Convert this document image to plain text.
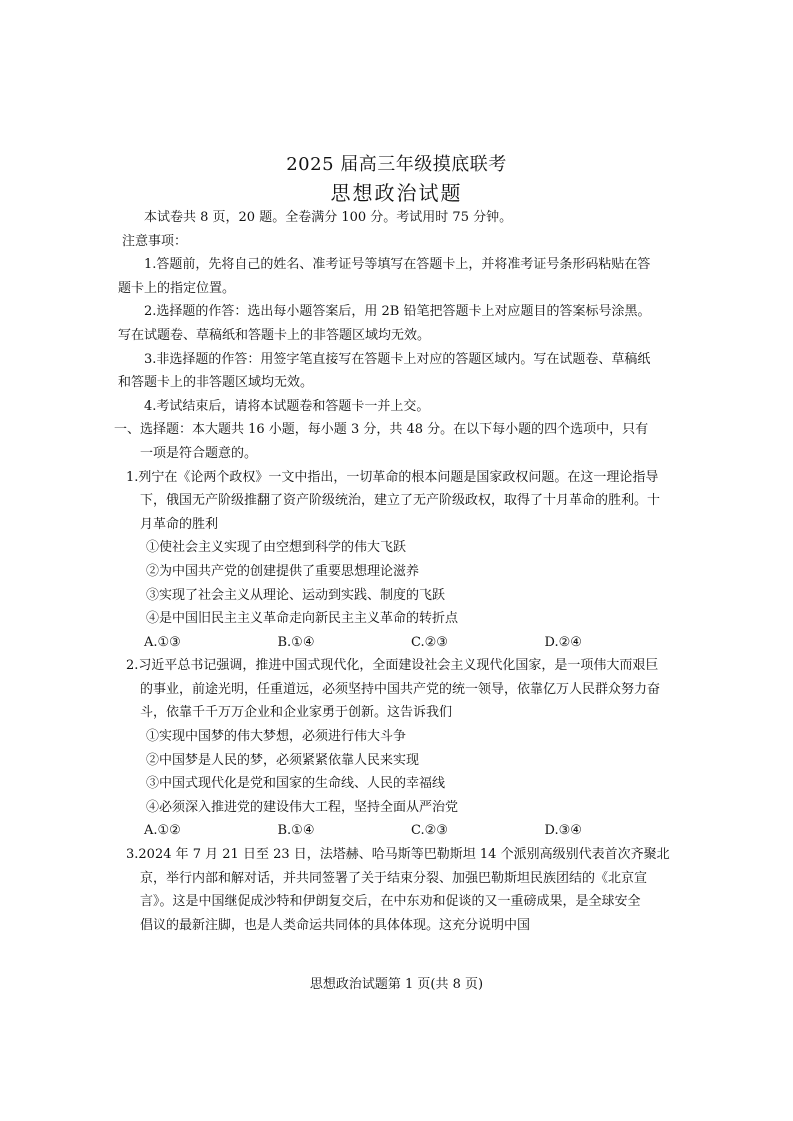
2025 届高三年级摸底联考
思想政治试题
本试卷共 8 页，20 题。全卷满分 100 分。考试用时 75 分钟。
注意事项：
1.答题前，先将自己的姓名、准考证号等填写在答题卡上，并将准考证号条形码粘贴在答
题卡上的指定位置。
2.选择题的作答：选出每小题答案后，用 2B 铅笔把答题卡上对应题目的答案标号涂黑。
写在试题卷、草稿纸和答题卡上的非答题区域均无效。
3.非选择题的作答：用签字笔直接写在答题卡上对应的答题区域内。写在试题卷、草稿纸
和答题卡上的非答题区域均无效。
4.考试结束后，请将本试题卷和答题卡一并上交。
一、选择题：本大题共 16 小题，每小题 3 分，共 48 分。在以下每小题的四个选项中，只有
一项是符合题意的。
1.列宁在《论两个政权》一文中指出，一切革命的根本问题是国家政权问题。在这一理论指导
下，俄国无产阶级推翻了资产阶级统治，建立了无产阶级政权，取得了十月革命的胜利。十
月革命的胜利
①使社会主义实现了由空想到科学的伟大飞跃
②为中国共产党的创建提供了重要思想理论滋养
③实现了社会主义从理论、运动到实践、制度的飞跃
④是中国旧民主主义革命走向新民主主义革命的转折点
A.①③	B.①④	C.②③	D.②④
2.习近平总书记强调，推进中国式现代化，全面建设社会主义现代化国家，是一项伟大而艰巨
的事业，前途光明，任重道远，必须坚持中国共产党的统一领导，依靠亿万人民群众努力奋
斗，依靠千千万万企业和企业家勇于创新。这告诉我们
①实现中国梦的伟大梦想，必须进行伟大斗争
②中国梦是人民的梦，必须紧紧依靠人民来实现
③中国式现代化是党和国家的生命线、人民的幸福线
④必须深入推进党的建设伟大工程，坚持全面从严治党
A.①②	B.①④	C.②③	D.③④
3.2024 年 7 月 21 日至 23 日，法塔赫、哈马斯等巴勒斯坦 14 个派别高级别代表首次齐聚北
京，举行内部和解对话，并共同签署了关于结束分裂、加强巴勒斯坦民族团结的《北京宣
言》。这是中国继促成沙特和伊朗复交后，在中东劝和促谈的又一重磅成果，是全球安全
倡议的最新注脚，也是人类命运共同体的具体体现。这充分说明中国
思想政治试题第 1 页(共 8 页)
